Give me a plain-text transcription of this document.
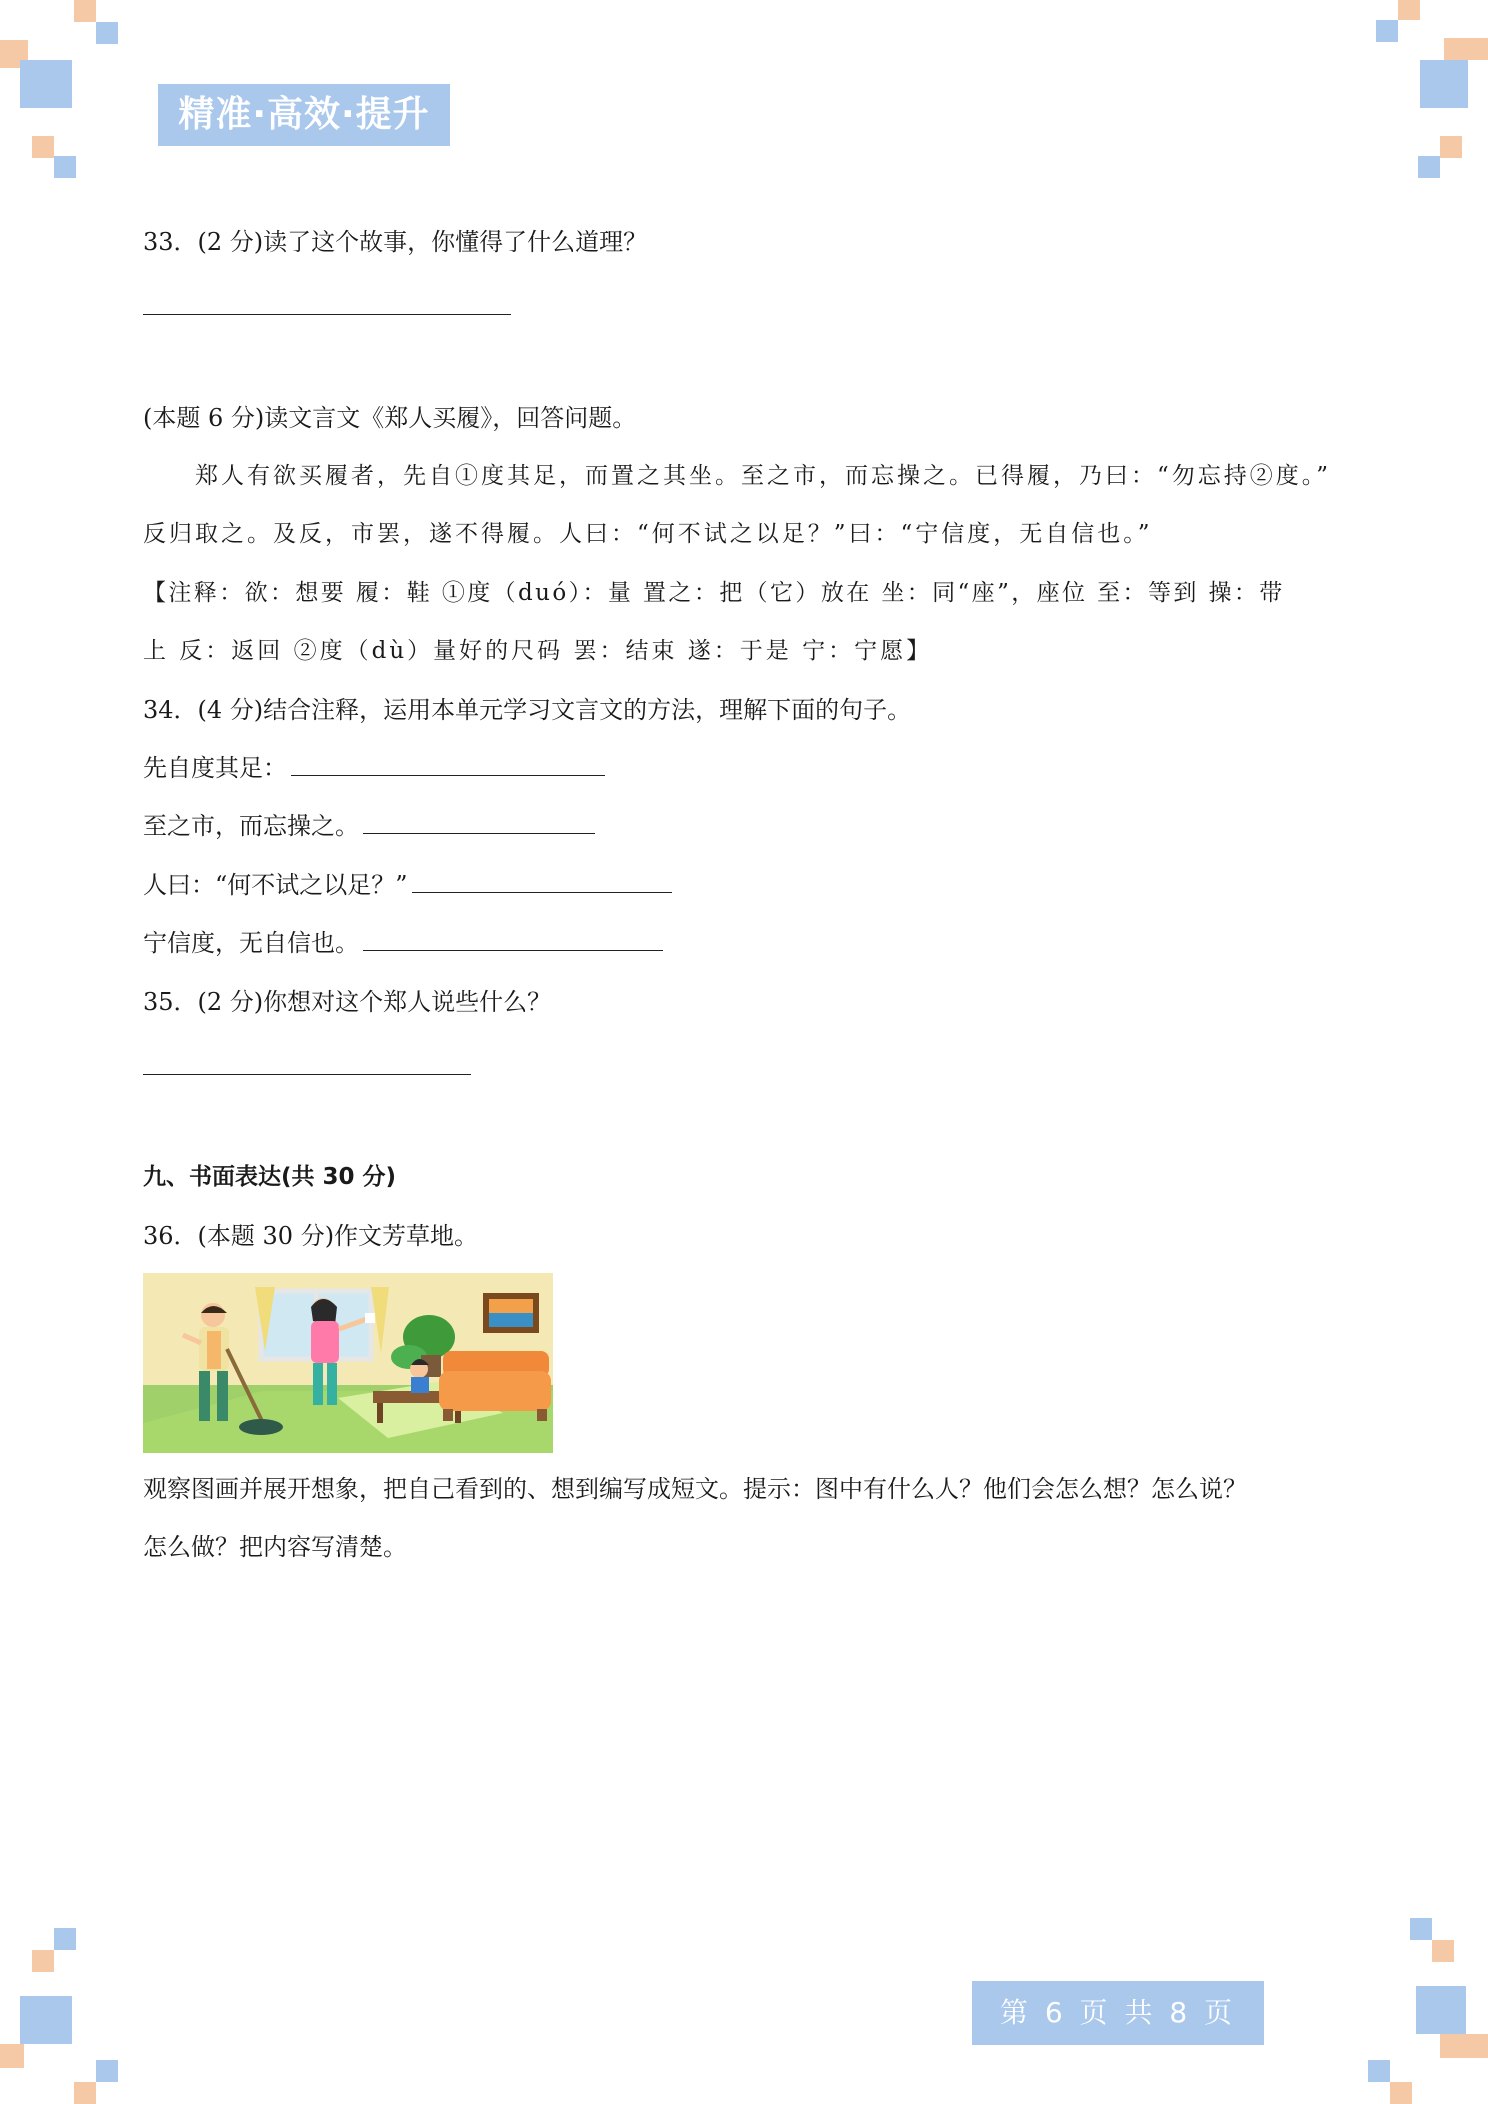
精准·高效·提升
33．(2 分)读了这个故事，你懂得了什么道理？
(本题 6 分)读文言文《郑人买履》，回答问题。
郑人有欲买履者，先自①度其足，而置之其坐。至之市，而忘操之。已得履，乃曰：“勿忘持②度。”
反归取之。及反，市罢，遂不得履。人曰：“何不试之以足？”曰：“宁信度，无自信也。”
【注释：欲：想要 履：鞋 ①度（duó）：量 置之：把（它）放在 坐：同“座”，座位 至：等到 操：带
上 反：返回 ②度（dù）量好的尺码 罢：结束 遂：于是 宁：宁愿】
34．(4 分)结合注释，运用本单元学习文言文的方法，理解下面的句子。
先自度其足：
至之市，而忘操之。
人曰：“何不试之以足？”
宁信度，无自信也。
35．(2 分)你想对这个郑人说些什么？
九、书面表达(共 30 分)
36．(本题 30 分)作文芳草地。
观察图画并展开想象，把自己看到的、想到编写成短文。提示：图中有什么人？他们会怎么想？怎么说？
怎么做？把内容写清楚。
第 6 页 共 8 页
